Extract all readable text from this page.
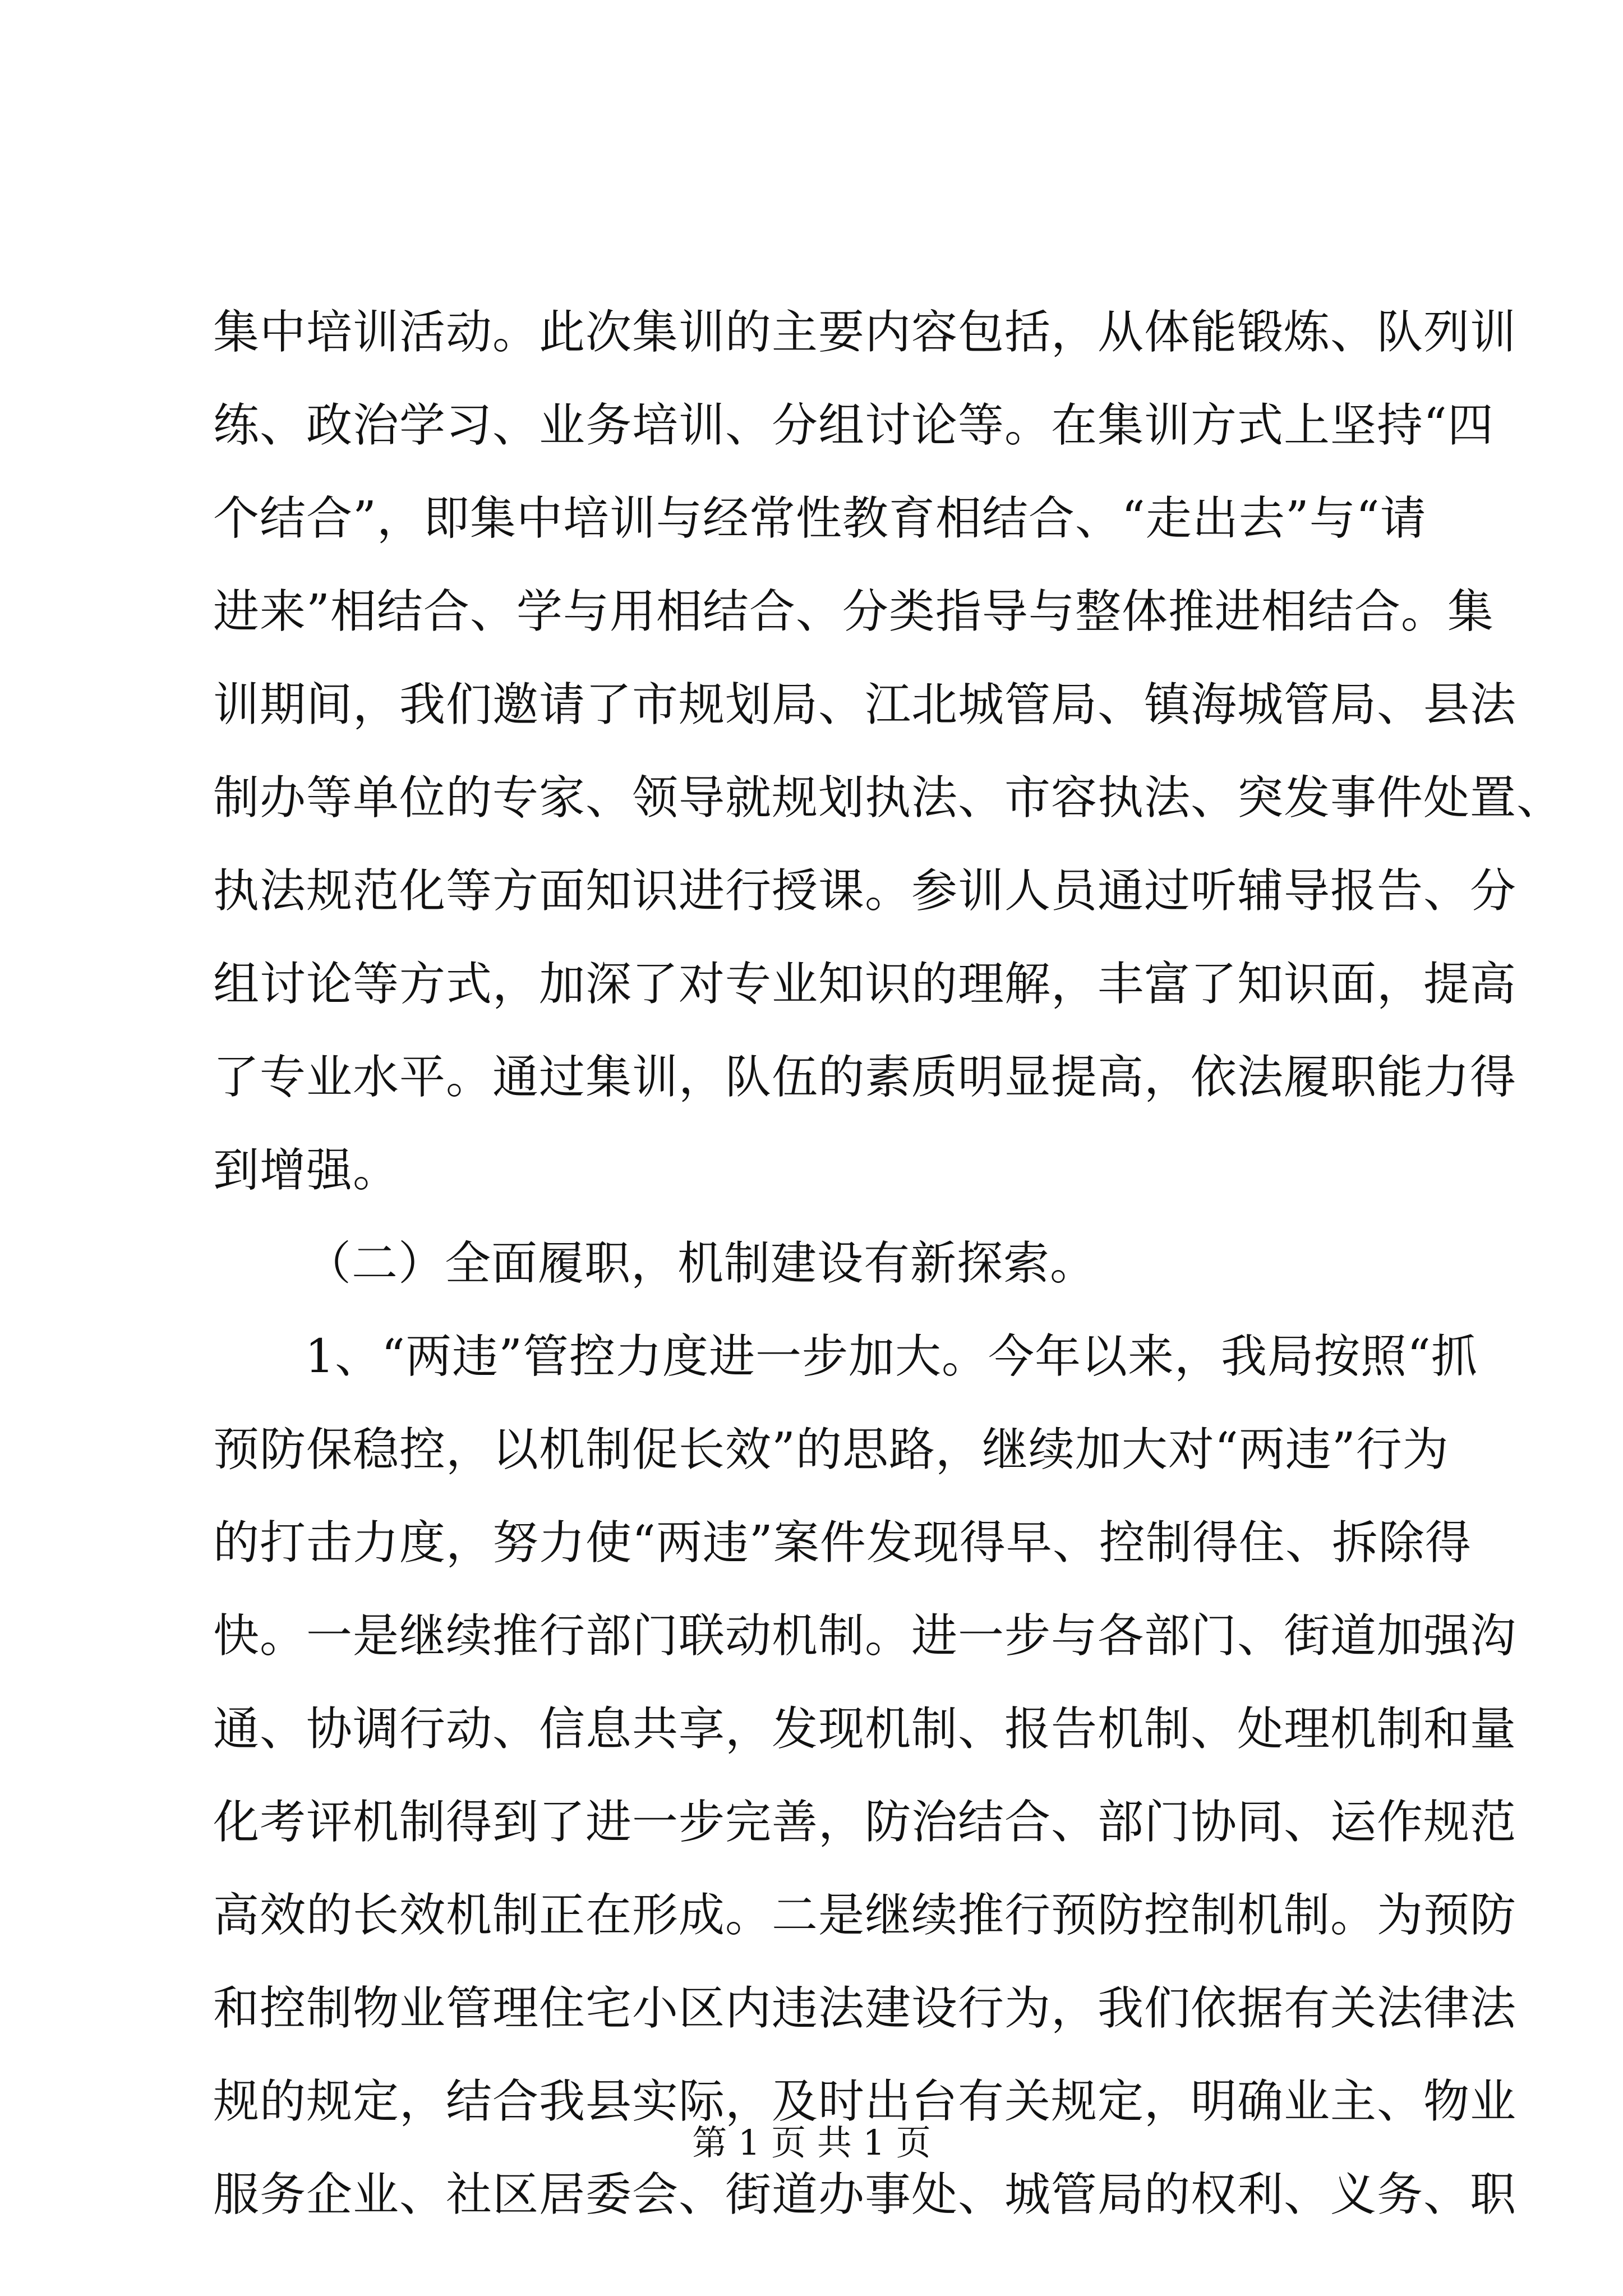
集中培训活动。此次集训的主要内容包括，从体能锻炼、队列训
练、政治学习、业务培训、分组讨论等。在集训方式上坚持“四
个结合”，即集中培训与经常性教育相结合、“走出去”与“请
进来”相结合、学与用相结合、分类指导与整体推进相结合。集
训期间，我们邀请了市规划局、江北城管局、镇海城管局、县法
制办等单位的专家、领导就规划执法、市容执法、突发事件处置、
执法规范化等方面知识进行授课。参训人员通过听辅导报告、分
组讨论等方式，加深了对专业知识的理解，丰富了知识面，提高
了专业水平。通过集训，队伍的素质明显提高，依法履职能力得
到增强。
（二）全面履职，机制建设有新探索。
1、“两违”管控力度进一步加大。今年以来，我局按照“抓
预防保稳控，以机制促长效”的思路，继续加大对“两违”行为
的打击力度，努力使“两违”案件发现得早、控制得住、拆除得
快。一是继续推行部门联动机制。进一步与各部门、街道加强沟
通、协调行动、信息共享，发现机制、报告机制、处理机制和量
化考评机制得到了进一步完善，防治结合、部门协同、运作规范
高效的长效机制正在形成。二是继续推行预防控制机制。为预防
和控制物业管理住宅小区内违法建设行为，我们依据有关法律法
规的规定，结合我县实际，及时出台有关规定，明确业主、物业
服务企业、社区居委会、街道办事处、城管局的权利、义务、职
第 1 页 共 1 页
